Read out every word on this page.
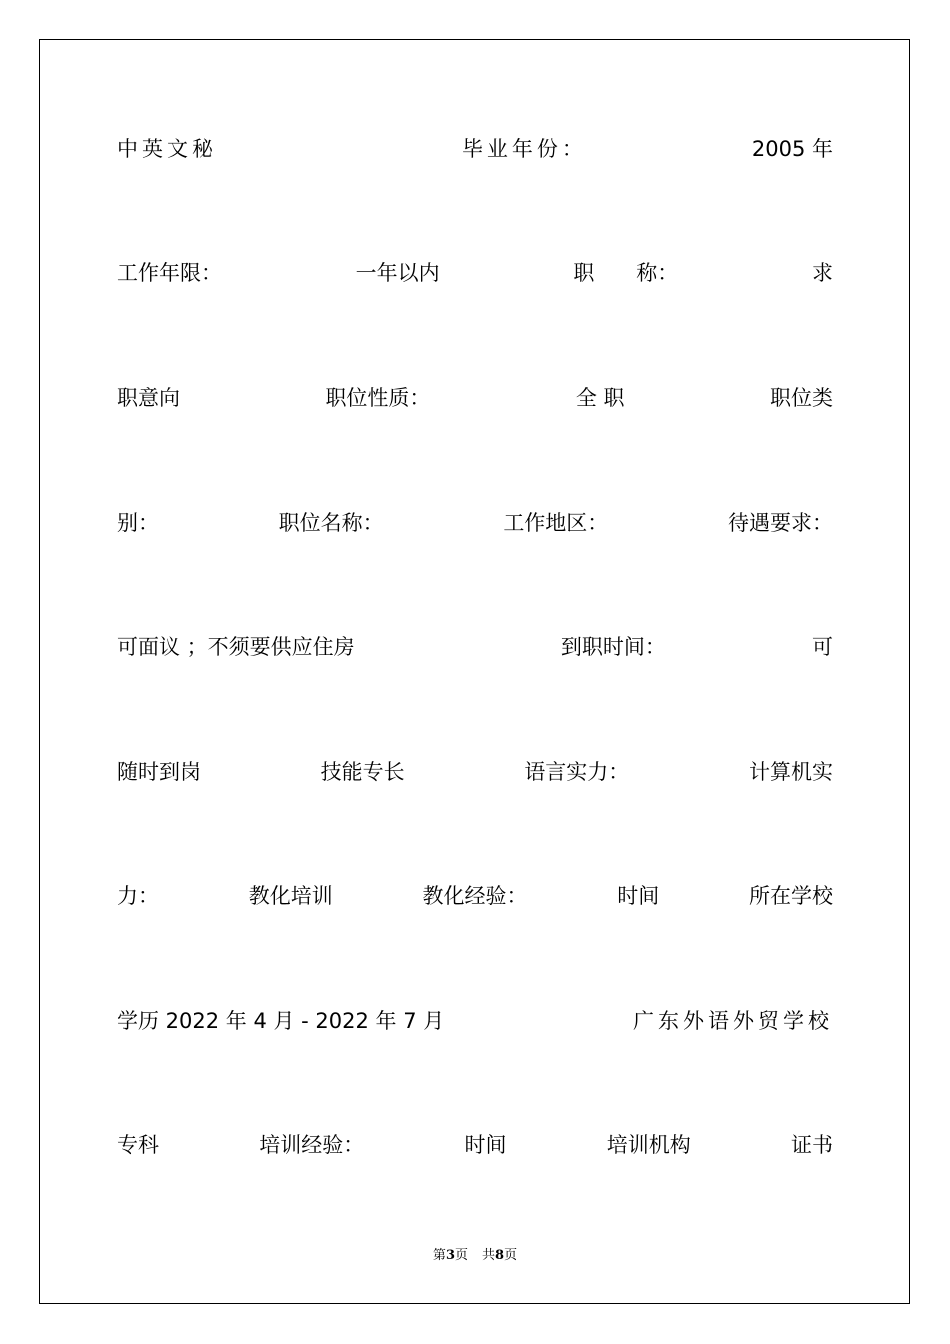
中英文秘	毕业年份：	2005 年
工作年限：	一年以内	职　　称：	求
职意向	职位性质：	全 职	职位类
别：	职位名称：	工作地区：	待遇要求：
可面议 ；不须要供应住房	到职时间：	可
随时到岗	技能专长	语言实力：	计算机实
力：	教化培训	教化经验：	时间	所在学校
学历 2022 年 4 月 - 2022 年 7 月	广东外语外贸学校
专科	培训经验：	时间	培训机构	证书
第3页 共8页
